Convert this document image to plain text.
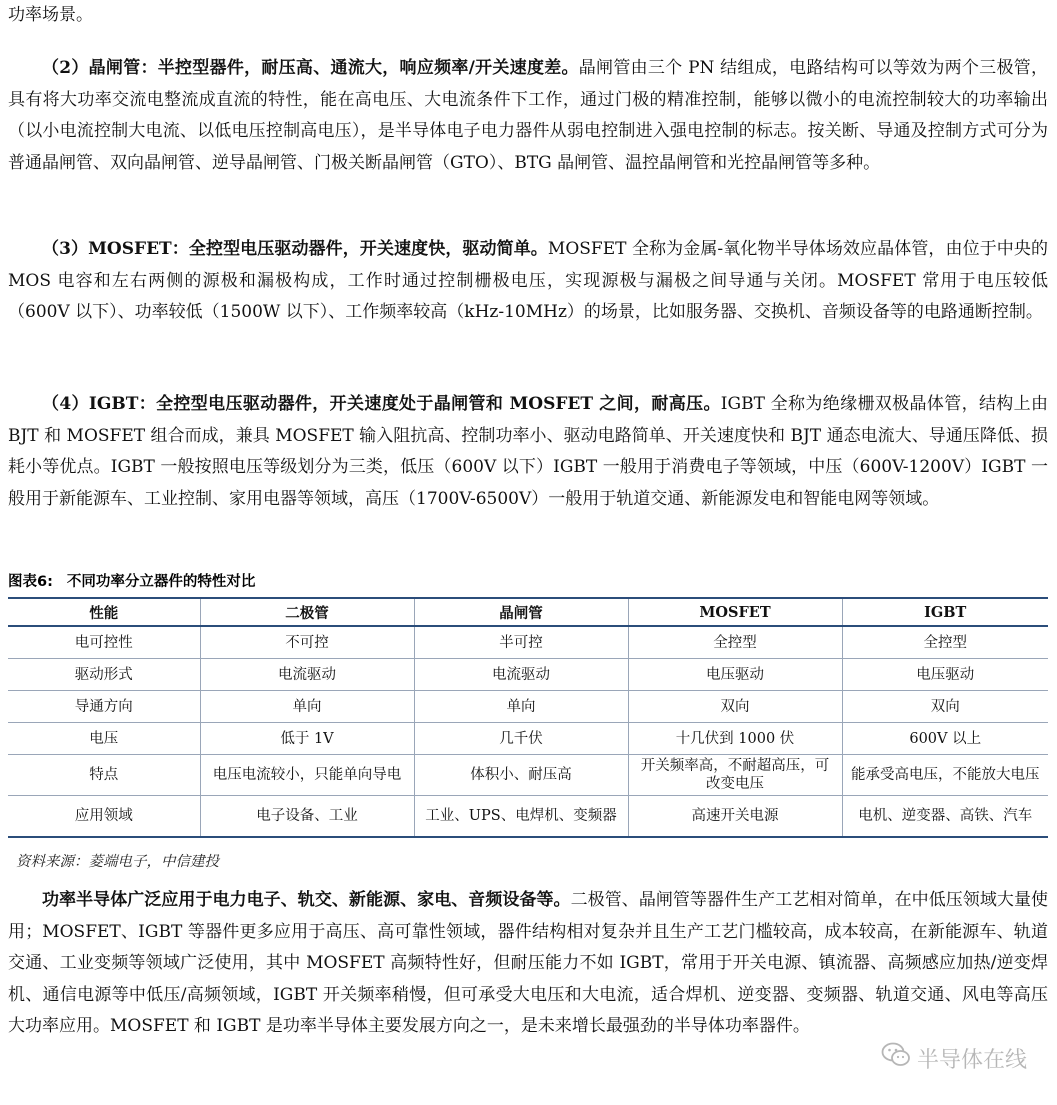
功率场景。

（2）晶闸管：半控型器件，耐压高、通流大，响应频率/开关速度差。晶闸管由三个 PN 结组成，电路结构可以等效为两个三极管，具有将大功率交流电整流成直流的特性，能在高电压、大电流条件下工作，通过门极的精准控制，能够以微小的电流控制较大的功率输出（以小电流控制大电流、以低电压控制高电压），是半导体电子电力器件从弱电控制进入强电控制的标志。按关断、导通及控制方式可分为普通晶闸管、双向晶闸管、逆导晶闸管、门极关断晶闸管（GTO）、BTG 晶闸管、温控晶闸管和光控晶闸管等多种。

（3）MOSFET：全控型电压驱动器件，开关速度快，驱动简单。MOSFET 全称为金属-氧化物半导体场效应晶体管，由位于中央的 MOS 电容和左右两侧的源极和漏极构成，工作时通过控制栅极电压，实现源极与漏极之间导通与关闭。MOSFET 常用于电压较低（600V 以下）、功率较低（1500W 以下）、工作频率较高（kHz-10MHz）的场景，比如服务器、交换机、音频设备等的电路通断控制。

（4）IGBT：全控型电压驱动器件，开关速度处于晶闸管和 MOSFET 之间，耐高压。IGBT 全称为绝缘栅双极晶体管，结构上由 BJT 和 MOSFET 组合而成，兼具 MOSFET 输入阻抗高、控制功率小、驱动电路简单、开关速度快和 BJT 通态电流大、导通压降低、损耗小等优点。IGBT 一般按照电压等级划分为三类，低压（600V 以下）IGBT 一般用于消费电子等领域，中压（600V-1200V）IGBT 一般用于新能源车、工业控制、家用电器等领域，高压（1700V-6500V）一般用于轨道交通、新能源发电和智能电网等领域。

图表6: 不同功率分立器件的特性对比
性能	二极管	晶闸管	MOSFET	IGBT
电可控性	不可控	半可控	全控型	全控型
驱动形式	电流驱动	电流驱动	电压驱动	电压驱动
导通方向	单向	单向	双向	双向
电压	低于 1V	几千伏	十几伏到 1000 伏	600V 以上
特点	电压电流较小，只能单向导电	体积小、耐压高	开关频率高，不耐超高压，可改变电压	能承受高电压，不能放大电压
应用领域	电子设备、工业	工业、UPS、电焊机、变频器	高速开关电源	电机、逆变器、高铁、汽车
资料来源：菱端电子，中信建投

功率半导体广泛应用于电力电子、轨交、新能源、家电、音频设备等。二极管、晶闸管等器件生产工艺相对简单，在中低压领域大量使用；MOSFET、IGBT 等器件更多应用于高压、高可靠性领域，器件结构相对复杂并且生产工艺门槛较高，成本较高，在新能源车、轨道交通、工业变频等领域广泛使用，其中 MOSFET 高频特性好，但耐压能力不如 IGBT，常用于开关电源、镇流器、高频感应加热/逆变焊机、通信电源等中低压/高频领域，IGBT 开关频率稍慢，但可承受大电压和大电流，适合焊机、逆变器、变频器、轨道交通、风电等高压大功率应用。MOSFET 和 IGBT 是功率半导体主要发展方向之一，是未来增长最强劲的半导体功率器件。

半导体在线
